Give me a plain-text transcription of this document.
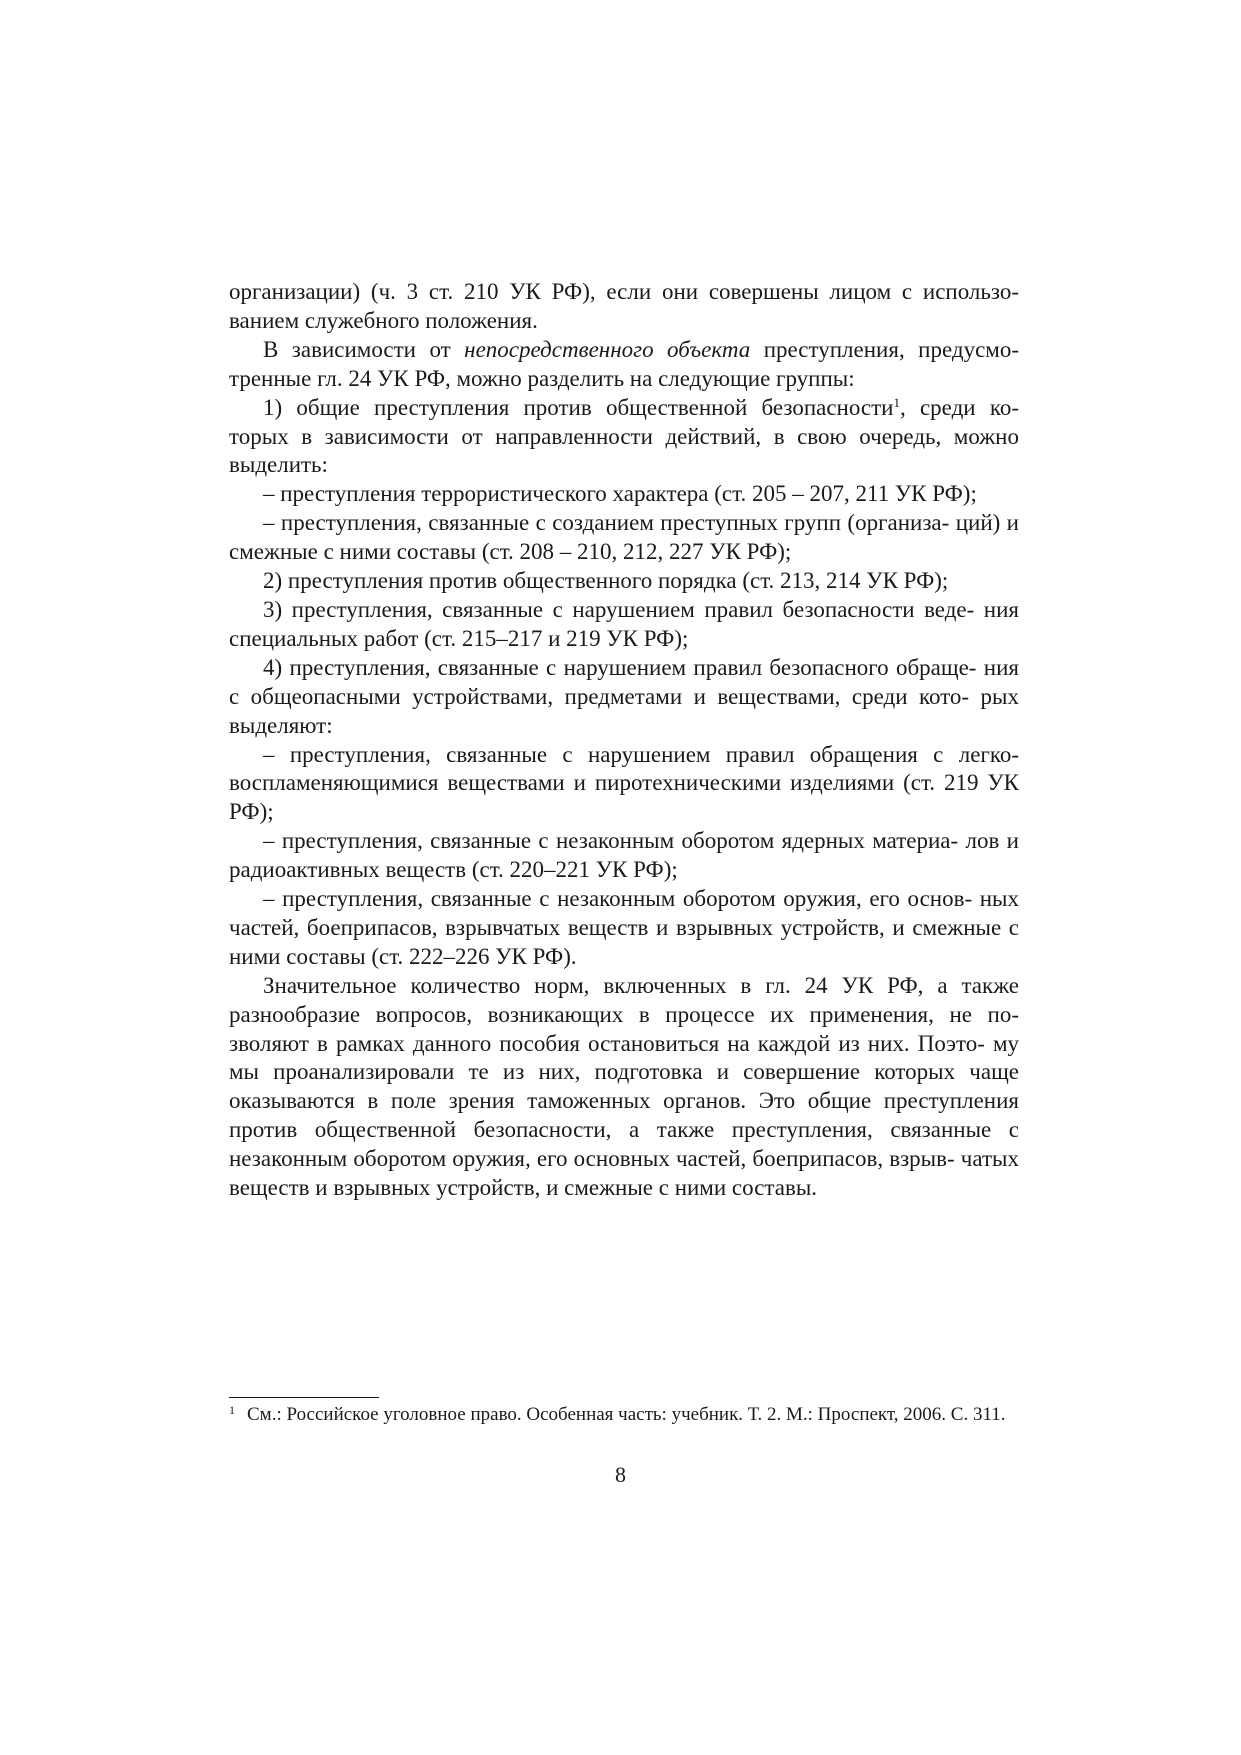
организации) (ч. 3 ст. 210 УК РФ), если они совершены лицом с использо- ванием служебного положения.

В зависимости от непосредственного объекта преступления, предусмо- тренные гл. 24 УК РФ, можно разделить на следующие группы:

1) общие преступления против общественной безопасности$^1$, среди ко- торых в зависимости от направленности действий, в свою очередь, можно выделить:

– преступления террористического характера (ст. 205 – 207, 211 УК РФ);

– преступления, связанные с созданием преступных групп (организа- ций) и смежные с ними составы (ст. 208 – 210, 212, 227 УК РФ);

2) преступления против общественного порядка (ст. 213, 214 УК РФ);

3) преступления, связанные с нарушением правил безопасности веде- ния специальных работ (ст. 215–217 и 219 УК РФ);

4) преступления, связанные с нарушением правил безопасного обраще- ния с общеопасными устройствами, предметами и веществами, среди кото- рых выделяют:

– преступления, связанные с нарушением правил обращения с легко- воспламеняющимися веществами и пиротехническими изделиями (ст. 219 УК РФ);

– преступления, связанные с незаконным оборотом ядерных материа- лов и радиоактивных веществ (ст. 220–221 УК РФ);

– преступления, связанные с незаконным оборотом оружия, его основ- ных частей, боеприпасов, взрывчатых веществ и взрывных устройств, и смежные с ними составы (ст. 222–226 УК РФ).

Значительное количество норм, включенных в гл. 24 УК РФ, а также разнообразие вопросов, возникающих в процессе их применения, не по- зволяют в рамках данного пособия остановиться на каждой из них. Поэто- му мы проанализировали те из них, подготовка и совершение которых чаще оказываются в поле зрения таможенных органов. Это общие преступления против общественной безопасности, а также преступления, связанные с незаконным оборотом оружия, его основных частей, боеприпасов, взрыв- чатых веществ и взрывных устройств, и смежные с ними составы.

1 См.: Российское уголовное право. Особенная часть: учебник. Т. 2. М.: Проспект, 2006. С. 311.
8
